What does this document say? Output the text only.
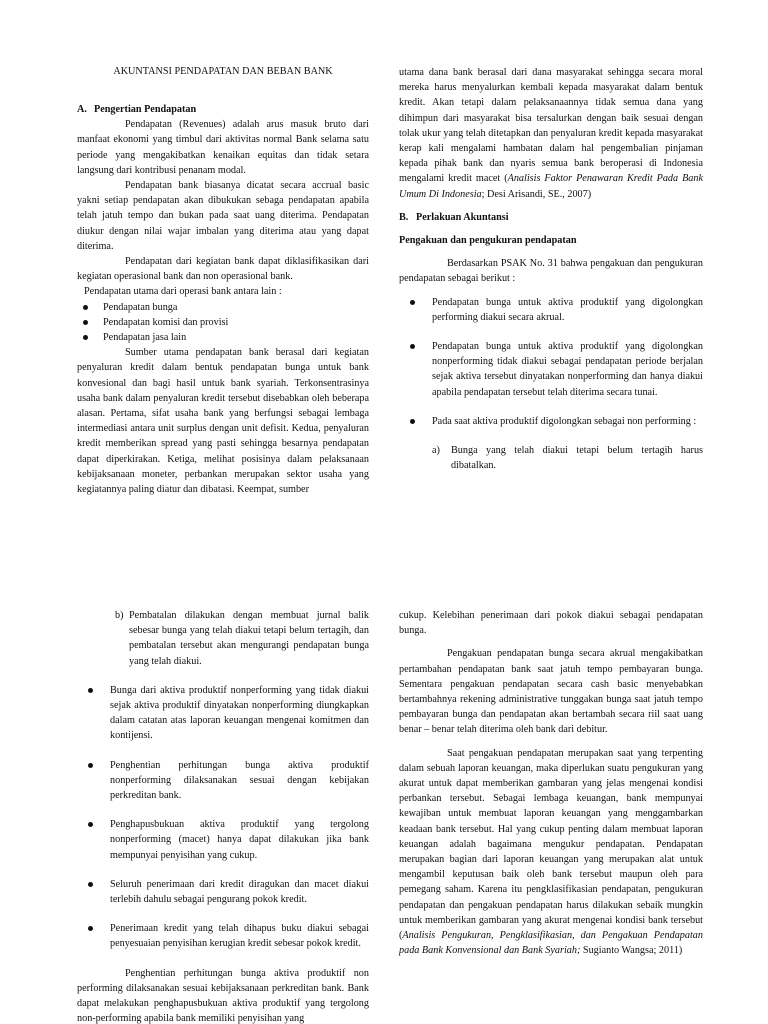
AKUNTANSI PENDAPATAN DAN BEBAN BANK
A. Pengertian Pendapatan

Pendapatan (Revenues) adalah arus masuk bruto dari manfaat ekonomi yang timbul dari aktivitas normal Bank selama satu periode yang mengakibatkan kenaikan equitas dan tidak setara langsung dari kontribusi penanam modal.

Pendapatan bank biasanya dicatat secara accrual basic yakni setiap pendapatan akan dibukukan sebaga pendapatan apabila telah jatuh tempo dan bukan pada saat uang diterima. Pendapatan diukur dengan nilai wajar imbalan yang diterima atau yang dapat diterima.

Pendapatan dari kegiatan bank dapat diklasifikasikan dari kegiatan operasional bank dan non operasional bank.

Pendapatan utama dari operasi bank antara lain :

Pendapatan bunga
Pendapatan komisi dan provisi
Pendapatan jasa lain

Sumber utama pendapatan bank berasal dari kegiatan penyaluran kredit dalam bentuk pendapatan bunga untuk bank konvesional dan bagi hasil untuk bank syariah. Terkonsentrasinya usaha bank dalam penyaluran kredit tersebut disebabkan oleh beberapa alasan. Pertama, sifat usaha bank yang berfungsi sebagai lembaga intermediasi antara unit surplus dengan unit defisit. Kedua, penyaluran kredit memberikan spread yang pasti sehingga besarnya pendapatan dapat diperkirakan. Ketiga, melihat posisinya dalam pelaksanaan kebijaksanaan moneter, perbankan merupakan sektor usaha yang kegiatannya paling diatur dan dibatasi. Keempat, sumber

utama dana bank berasal dari dana masyarakat sehingga secara moral mereka harus menyalurkan kembali kepada masyarakat dalam bentuk kredit. Akan tetapi dalam pelaksanaannya tidak semua dana yang dihimpun dari masyarakat bisa tersalurkan dengan baik sesuai dengan tolak ukur yang telah ditetapkan dan penyaluran kredit kepada masyarakat kerap kali mengalami hambatan dalam hal pengembalian pinjaman kepada pihak bank dan nyaris semua bank beroperasi di Indonesia mengalami kredit macet (Analisis Faktor Penawaran Kredit Pada Bank Umum Di Indonesia; Desi Arisandi, SE., 2007)

B. Perlakuan Akuntansi
Pengakuan dan pengukuran pendapatan

Berdasarkan PSAK No. 31 bahwa pengakuan dan pengukuran pendapatan sebagai berikut :

Pendapatan bunga untuk aktiva produktif yang digolongkan performing diakui secara akrual.
Pendapatan bunga untuk aktiva produktif yang digolongkan nonperforming tidak diakui sebagai pendapatan periode berjalan sejak aktiva tersebut dinyatakan nonperforming dan hanya diakui apabila pendapatan tersebut telah diterima secara tunai.
Pada saat aktiva produktif digolongkan sebagai non performing :
a) Bunga yang telah diakui tetapi belum tertagih harus dibatalkan.
b) Pembatalan dilakukan dengan membuat jurnal balik sebesar bunga yang telah diakui tetapi belum tertagih, dan pembatalan tersebut akan mengurangi pendapatan bunga yang telah diakui.
Bunga dari aktiva produktif nonperforming yang tidak diakui sejak aktiva produktif dinyatakan nonperforming diungkapkan dalam catatan atas laporan keuangan mengenai komitmen dan kontijensi.
Penghentian perhitungan bunga aktiva produktif nonperforming dilaksanakan sesuai dengan kebijakan perkreditan bank.
Penghapusbukuan aktiva produktif yang tergolong nonperforming (macet) hanya dapat dilakukan jika bank mempunyai penyisihan yang cukup.
Seluruh penerimaan dari kredit diragukan dan macet diakui terlebih dahulu sebagai pengurang pokok kredit.
Penerimaan kredit yang telah dihapus buku diakui sebagai penyesuaian penyisihan kerugian kredit sebesar pokok kredit.

Penghentian perhitungan bunga aktiva produktif non performing dilaksanakan sesuai kebijaksanaan perkreditan bank. Bank dapat melakukan penghapusbukuan aktiva produktif yang tergolong non-performing apabila bank memiliki penyisihan yang

cukup. Kelebihan penerimaan dari pokok diakui sebagai pendapatan bunga.

Pengakuan pendapatan bunga secara akrual mengakibatkan pertambahan pendapatan bank saat jatuh tempo pembayaran bunga. Sementara pengakuan pendapatan secara cash basic menyebabkan bertambahnya rekening administrative tunggakan bunga saat jatuh tempo pembayaran bunga dan pendapatan akan bertambah secara riil saat uang benar – benar telah diterima oleh bank dari debitur.

Saat pengakuan pendapatan merupakan saat yang terpenting dalam sebuah laporan keuangan, maka diperlukan suatu pengukuran yang akurat untuk dapat memberikan gambaran yang jelas mengenai kondisi perbankan tersebut. Sebagai lembaga keuangan, bank mempunyai kewajiban untuk membuat laporan keuangan yang menggambarkan keadaan bank tersebut. Hal yang cukup penting dalam membuat laporan keuangan adalah bagaimana mengukur pendapatan. Pendapatan merupakan bagian dari laporan keuangan yang merupakan alat untuk mengambil keputusan baik oleh bank tersebut maupun oleh para pemegang saham. Karena itu pengklasifikasian pendapatan, pengukuran pendapatan dan pengakuan pendapatan harus dilakukan sebaik mungkin untuk memberikan gambaran yang akurat mengenai kondisi bank tersebut (Analisis Pengukuran, Pengklasifikasian, dan Pengakuan Pendapatan pada Bank Konvensional dan Bank Syariah; Sugianto Wangsa; 2011)
